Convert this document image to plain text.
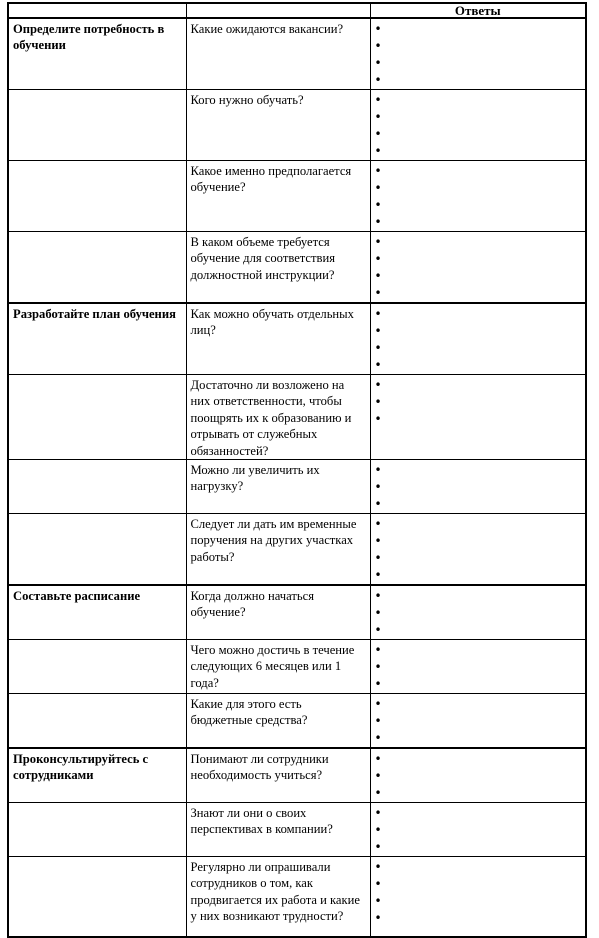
		Ответы
Определите потребность в обучении	Какие ожидаются вакансии?	
•
•
•
•

	Кого нужно обучать?	
•
•
•
•

	Какое именно предполагается обучение?	
•
•
•
•

	В каком объеме требуется обучение для соответствия должностной инструкции?	
•
•
•
•

Разработайте план обучения	Как можно обучать отдельных лиц?	
•
•
•
•

	Достаточно ли возложено на них ответственности, чтобы поощрять их к образованию и отрывать от служебных обязанностей?	
•
•
•

	Можно ли увеличить их нагрузку?	
•
•
•

	Следует ли дать им временные поручения на других участках работы?	
•
•
•
•

Составьте расписание	Когда должно начаться обучение?	
•
•
•

	Чего можно достичь в течение следующих 6 месяцев или 1 года?	
•
•
•

	Какие для этого есть бюджетные средства?	
•
•
•

Проконсультируйтесь с сотрудниками	Понимают ли сотрудники необходимость учиться?	
•
•
•

	Знают ли они о своих перспективах в компании?	
•
•
•

	Регулярно ли опрашивали сотрудников о том, как продвигается их работа и какие у них возникают трудности?	
•
•
•
•
